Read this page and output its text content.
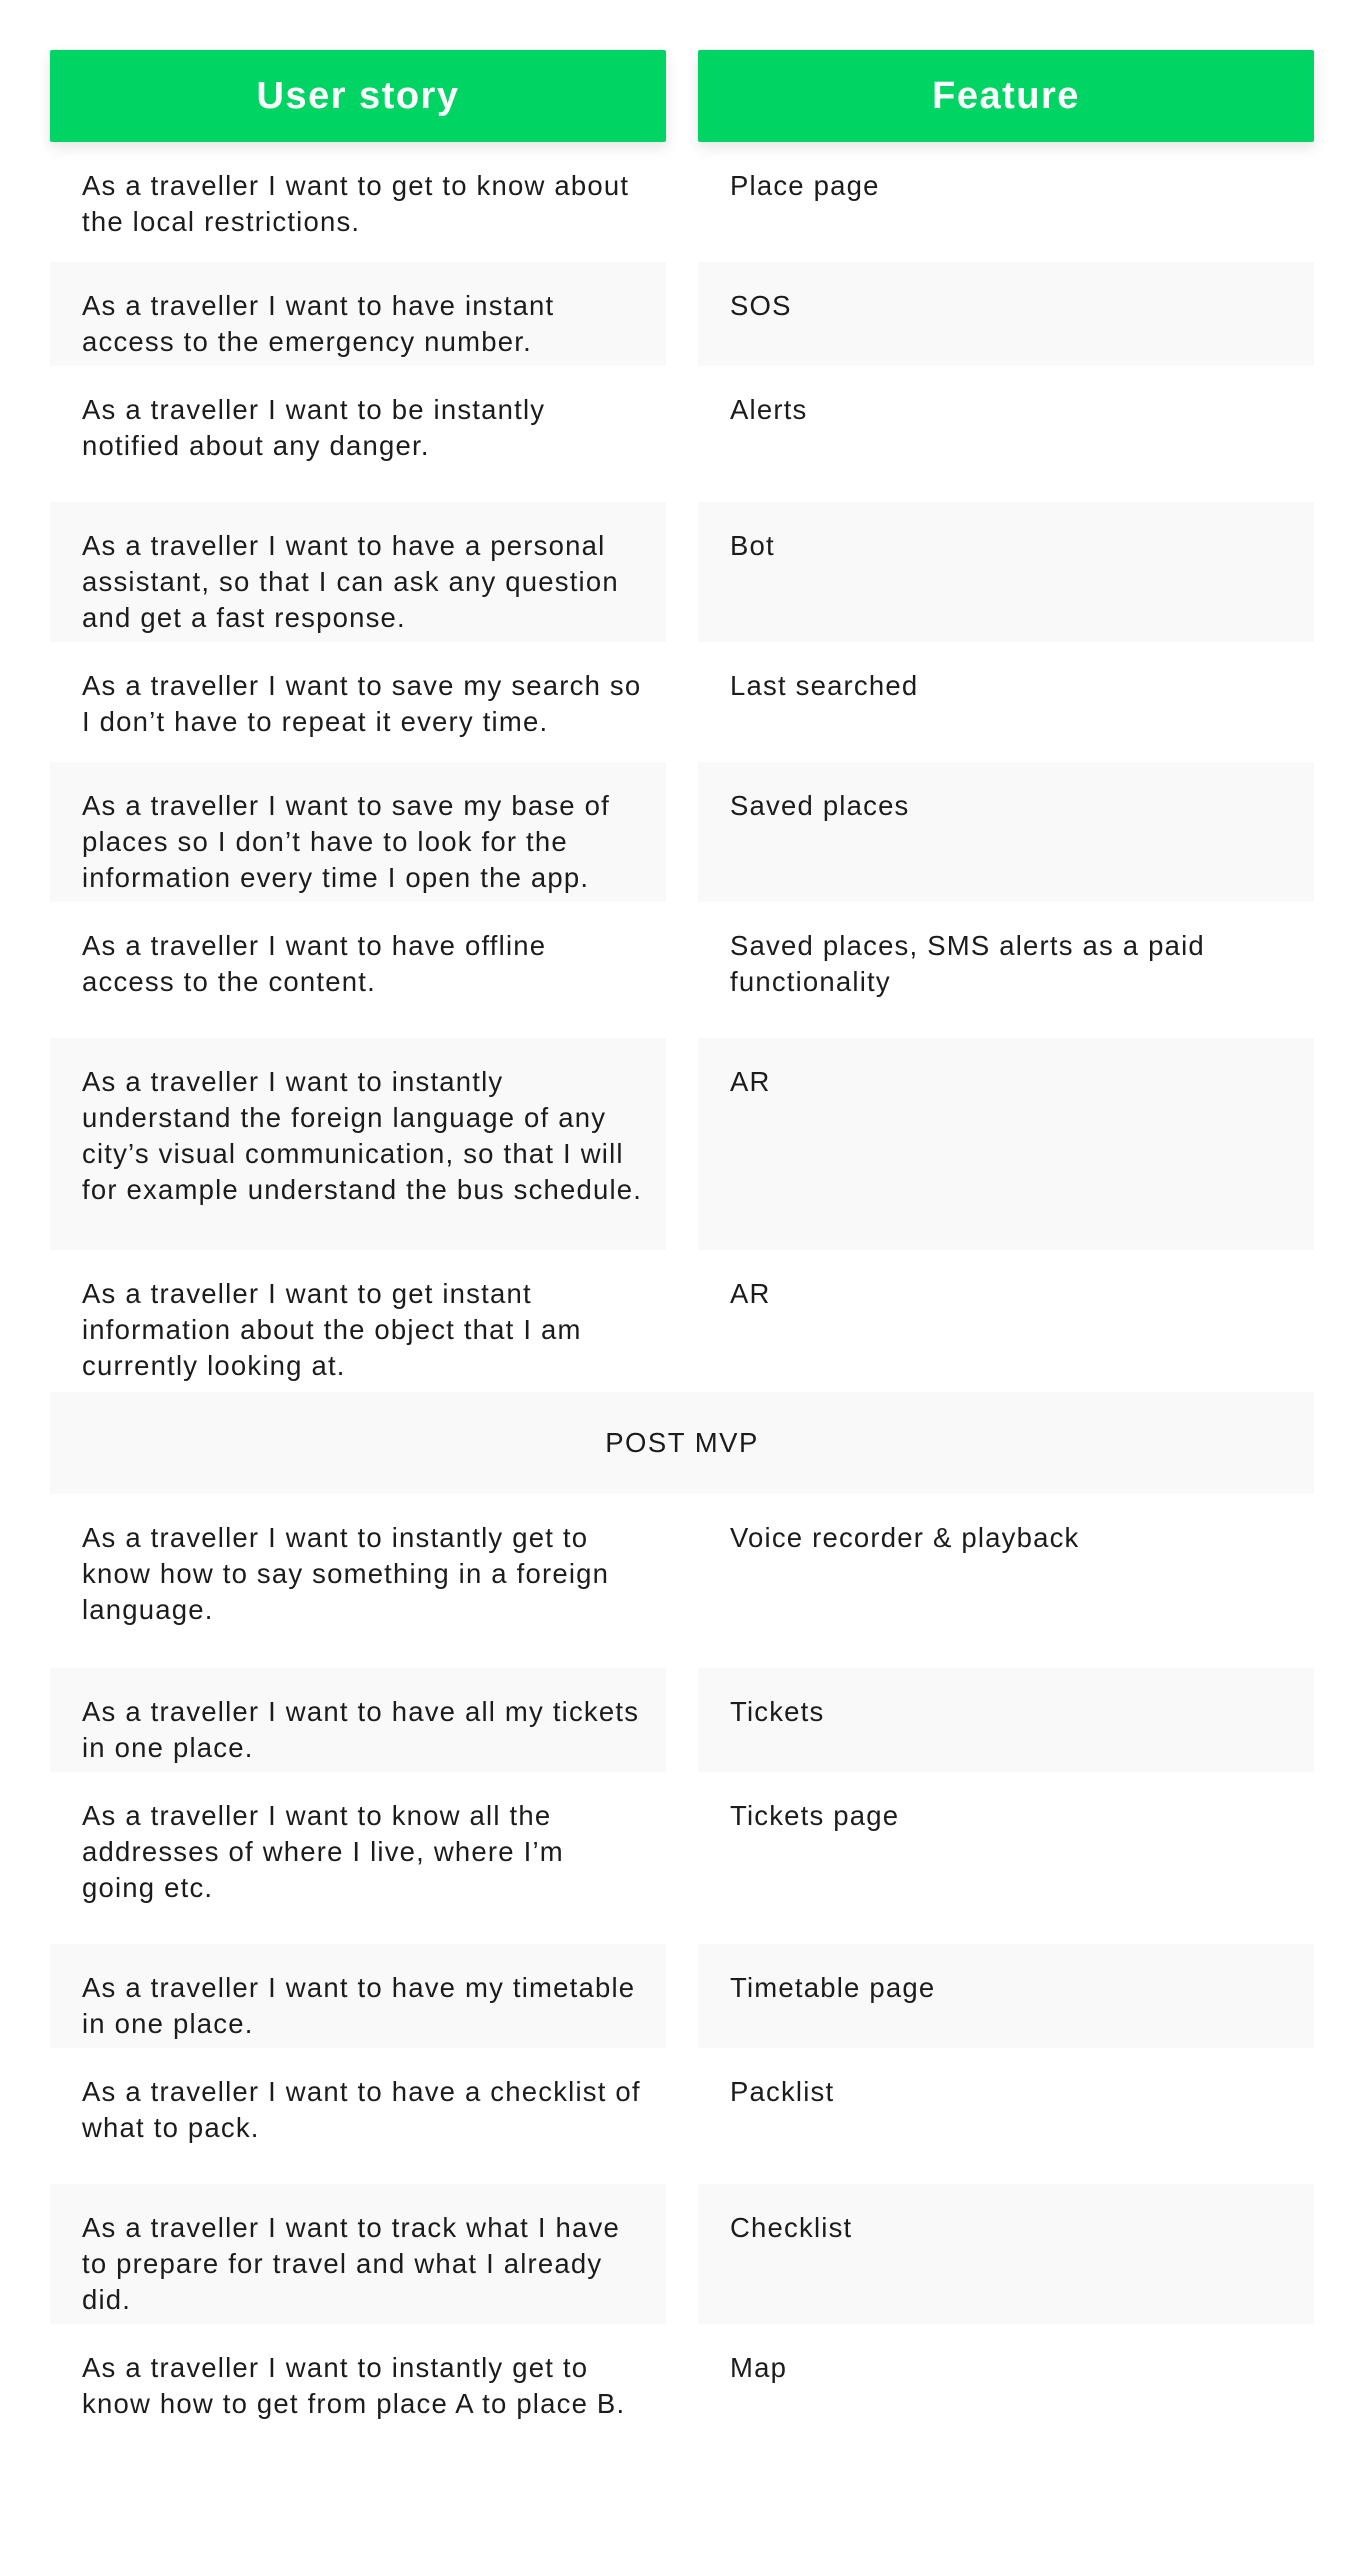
User story	Feature
As a traveller I want to get to know about the local restrictions.
Place page
As a traveller I want to have instant access to the emergency number.
SOS
As a traveller I want to be instantly notified about any danger.
Alerts
As a traveller I want to have a personal assistant, so that I can ask any question and get a fast response.
Bot
As a traveller I want to save my search so I don’t have to repeat it every time.
Last searched
As a traveller I want to save my base of places so I don’t have to look for the information every time I open the app.
Saved places
As a traveller I want to have offline access to the content.
Saved places, SMS alerts as a paid functionality
As a traveller I want to instantly understand the foreign language of any city’s visual communication, so that I will for example understand the bus schedule.
AR
As a traveller I want to get instant information about the object that I am currently looking at.
AR
POST MVP
As a traveller I want to instantly get to know how to say something in a foreign language.
Voice recorder & playback
As a traveller I want to have all my tickets in one place.
Tickets
As a traveller I want to know all the addresses of where I live, where I’m going etc.
Tickets page
As a traveller I want to have my timetable in one place.
Timetable page
As a traveller I want to have a checklist of what to pack.
Packlist
As a traveller I want to track what I have to prepare for travel and what I already did.
Checklist
As a traveller I want to instantly get to know how to get from place A to place B.
Map
